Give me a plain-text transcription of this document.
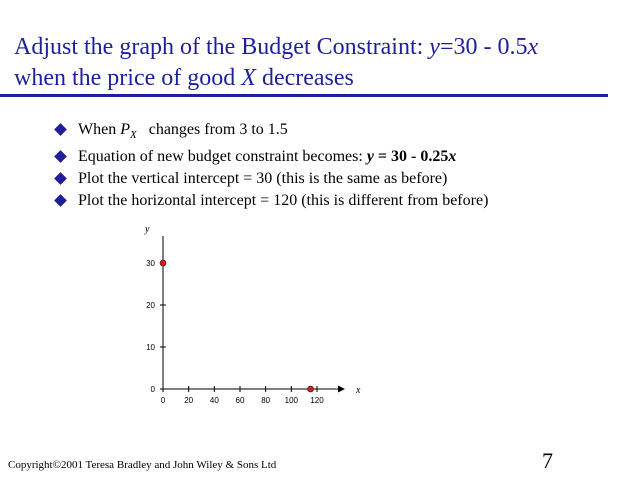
Adjust the graph of the Budget Constraint: y=30 - 0.5x
when the price of good X decreases
When $P_X$   changes from 3 to 1.5
Equation of new budget constraint becomes: y = 30 - 0.25x
Plot the vertical intercept = 30 (this is the same as before)
Plot the horizontal intercept = 120 (this is different from before)
y
x
0
10
20
30
0 20 40 60 80 100 120
Copyright©2001 Teresa Bradley and John Wiley & Sons Ltd	7
